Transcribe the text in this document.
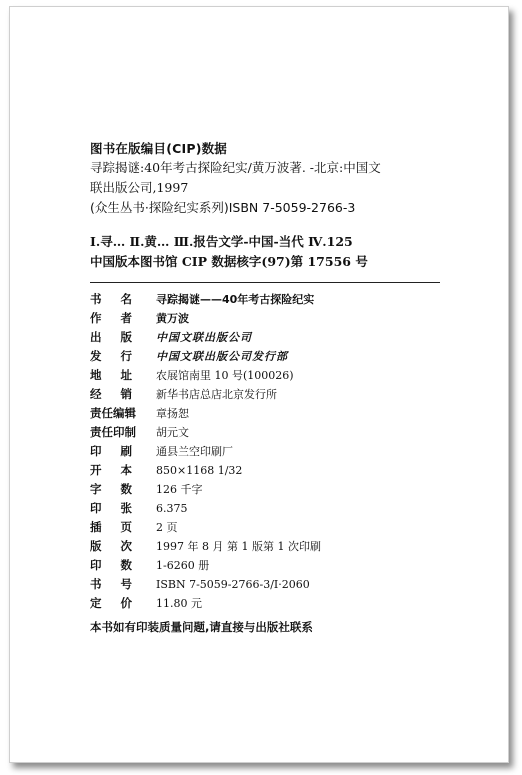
图书在版编目(CIP)数据
寻踪揭谜:40年考古探险纪实/黄万波著. -北京:中国文
联出版公司,1997
(众生丛书·探险纪实系列)ISBN 7-5059-2766-3
Ⅰ.寻… Ⅱ.黄… Ⅲ.报告文学-中国-当代 Ⅳ.125
中国版本图书馆 CIP 数据核字(97)第 17556 号
书 名 寻踪揭谜——40年考古探险纪实
作 者 黄万波
出 版 中国文联出版公司
发 行 中国文联出版公司发行部
地 址 农展馆南里 10 号(100026)
经 销 新华书店总店北京发行所
责任编辑	章扬恕
责任印制	胡元文
印 刷 通县兰空印刷厂
开 本 850×1168 1/32
字 数 126 千字
印 张 6.375
插 页 2 页
版 次 1997 年 8 月 第 1 版第 1 次印刷
印 数 1-6260 册
书 号 ISBN 7-5059-2766-3/I·2060
定 价 11.80 元
本书如有印装质量问题,请直接与出版社联系
